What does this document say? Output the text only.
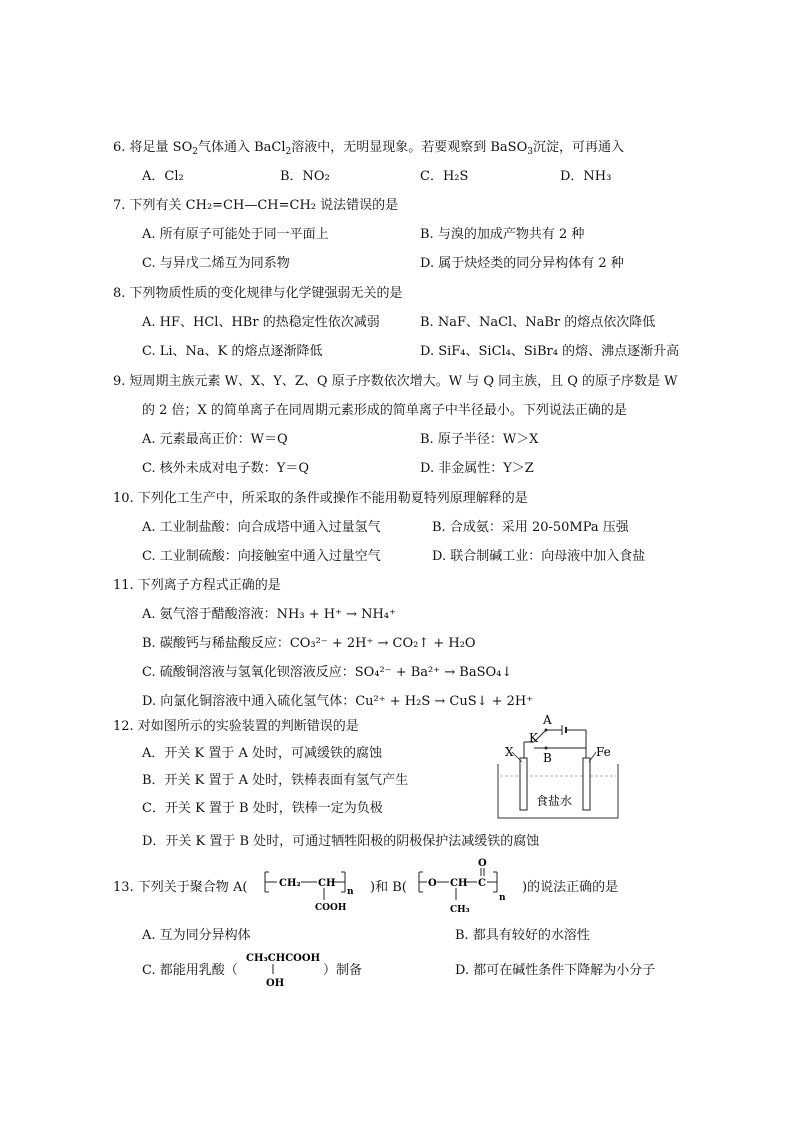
6. 将足量 $SO_2$气体通入 BaCl$_2$溶液中，无明显现象。若要观察到 BaSO$_3$沉淀，可再通入
A．Cl₂	B．NO₂	C．H₂S	D．NH₃
7. 下列有关 CH₂=CH—CH=CH₂ 说法错误的是
A. 所有原子可能处于同一平面上	B. 与溴的加成产物共有 2 种
C. 与异戊二烯互为同系物	D. 属于炔烃类的同分异构体有 2 种
8. 下列物质性质的变化规律与化学键强弱无关的是
A. HF、HCl、HBr 的热稳定性依次减弱	B. NaF、NaCl、NaBr 的熔点依次降低
C. Li、Na、K 的熔点逐渐降低	D. SiF₄、SiCl₄、SiBr₄ 的熔、沸点逐渐升高
9. 短周期主族元素 W、X、Y、Z、Q 原子序数依次增大。W 与 Q 同主族，且 Q 的原子序数是 W
的 2 倍；X 的简单离子在同周期元素形成的简单离子中半径最小。下列说法正确的是
A. 元素最高正价：W＝Q	B. 原子半径：W＞X
C. 核外未成对电子数：Y＝Q	D. 非金属性：Y＞Z
10. 下列化工生产中，所采取的条件或操作不能用勒夏特列原理解释的是
A. 工业制盐酸：向合成塔中通入过量氢气	B. 合成氨：采用 20-50MPa 压强
C. 工业制硫酸：向接触室中通入过量空气	D. 联合制碱工业：向母液中加入食盐
11. 下列离子方程式正确的是
A. 氨气溶于醋酸溶液：NH₃ + H⁺ → NH₄⁺
B. 碳酸钙与稀盐酸反应：CO₃²⁻ + 2H⁺ → CO₂↑ + H₂O
C. 硫酸铜溶液与氢氧化钡溶液反应：SO₄²⁻ + Ba²⁺ → BaSO₄↓
D. 向氯化铜溶液中通入硫化氢气体：Cu²⁺ + H₂S → CuS↓ + 2H⁺
12. 对如图所示的实验装置的判断错误的是
A．开关 K 置于 A 处时，可减缓铁的腐蚀
B．开关 K 置于 A 处时，铁棒表面有氢气产生
C．开关 K 置于 B 处时，铁棒一定为负极
D．开关 K 置于 B 处时，可通过牺牲阳极的阴极保护法减缓铁的腐蚀
A
K
B
X	Fe
食盐水
13. 下列关于聚合物 A(	CH₂ CH
n
COOH
)和 B( O CH C
O
n
CH₃
)的说法正确的是
A. 互为同分异构体	B. 都具有较好的水溶性
C. 都能用乳酸（
CH₃CHCOOH
OH
）制备	D. 都可在碱性条件下降解为小分子
